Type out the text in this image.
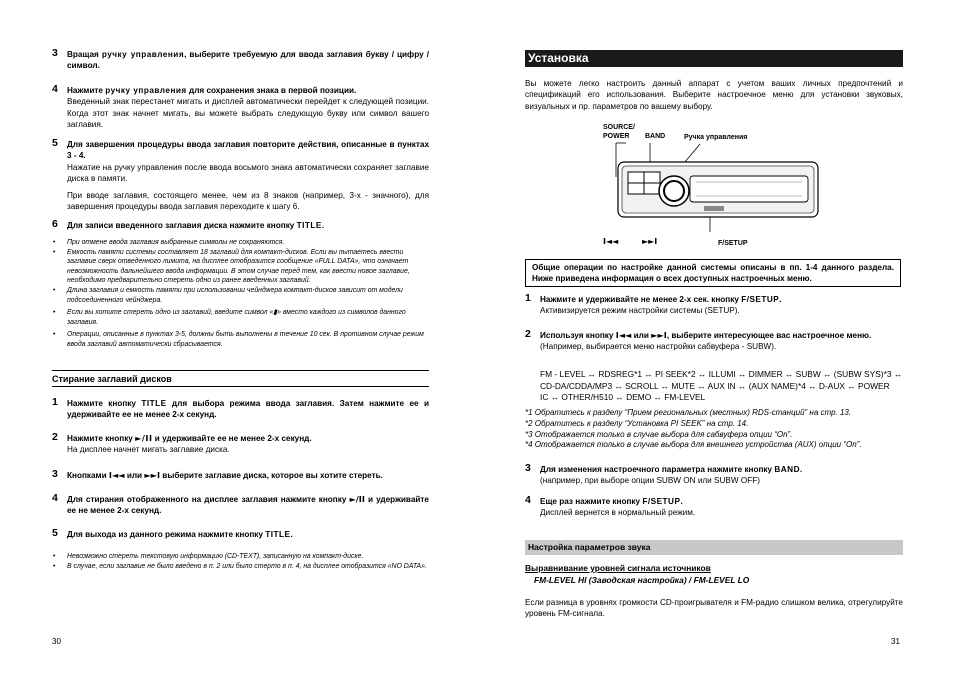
3 Вращая ручку управления, выберите требуемую для ввода заглавия букву / цифру / символ.
4 Нажмите ручку управления для сохранения знака в первой позиции.
Введенный знак перестанет мигать и дисплей автоматически перейдет к следующей позиции. Когда этот знак начнет мигать, вы можете выбрать следующую букву или символ вашего заглавия.
5 Для завершения процедуры ввода заглавия повторите действия, описанные в пунктах 3 - 4.
Нажатие на ручку управления после ввода восьмого знака автоматически сохраняет заглавие диска в памяти.
При вводе заглавия, состоящего менее, чем из 8 знаков (например, 3-х - значного), для завершения процедуры ввода заглавия переходите к шагу 6.
6 Для записи введенного заглавия диска нажмите кнопку TITLE.
• При отмене ввода заглавия выбранные символы не сохраняются.
• Емкость памяти системы составляет 18 заглавий для компакт-дисков. Если вы пытаетесь ввести заглавие сверх отведенного лимита, на дисплее отобразится сообщение «FULL DATA», что означает невозможность дальнейшего ввода информации. В этом случае перед тем, как ввести новое заглавие, необходимо предварительно стереть одно из ранее введенных заглавий.
• Длина заглавия и емкость памяти при использовании чейнджера компакт-дисков зависит от модели подсоединенного чейнджера.
• Если вы хотите стереть одно из заглавий, введите символ «▮» вместо каждого из символов данного заглавия.
• Операции, описанные в пунктах 3-5, должны быть выполнены в течение 10 сек. В противном случае режим ввода заглавий автоматически сбрасывается.
Стирание заглавий дисков
1 Нажмите кнопку TITLE для выбора режима ввода заглавия. Затем нажмите ее и удерживайте ее не менее 2-х секунд.
2 Нажмите кнопку ►/II и удерживайте ее не менее 2-х секунд.
На дисплее начнет мигать заглавие диска.
3 Кнопками I◄◄ или ►►I выберите заглавие диска, которое вы хотите стереть.
4 Для стирания отображенного на дисплее заглавия нажмите кнопку ►/II и удерживайте ее не менее 2-х секунд.
5 Для выхода из данного режима нажмите кнопку TITLE.
• Невозможно стереть текстовую информацию (CD-TEXT), записанную на компакт-диске.
• В случае, если заглавие не было введено в п. 2 или было стерто в п. 4, на дисплее отобразится «NO DATA».
30
Установка
Вы можете легко настроить данный аппарат с учетом ваших личных предпочтений и спецификаций его использования. Выберите настроечное меню для установки звуковых, визуальных и пр. параметров по вашему выбору.
SOURCE/
POWER BAND	Ручка управления
I◄◄	►►I	F/SETUP
Общие операции по настройке данной системы описаны в пп. 1-4 данного раздела. Ниже приведена информация о всех доступных настроечных меню.
1 Нажмите и удерживайте не менее 2-х сек. кнопку F/SETUP.
Активизируется режим настройки системы (SETUP).
2 Используя кнопку I◄◄ или ►►I, выберите интересующее вас настроечное меню.
(Например, выбирается меню настройки сабвуфера - SUBW).
FM - LEVEL ↔ RDSREG*1 ↔ PI SEEK*2 ↔ ILLUMI ↔ DIMMER ↔ SUBW ↔ (SUBW SYS)*3 ↔
CD-DA/CDDA/MP3 ↔ SCROLL ↔ MUTE ↔ AUX IN ↔ (AUX NAME)*4 ↔ D-AUX ↔ POWER
IC ↔ OTHER/H510 ↔ DEMO ↔ FM-LEVEL
*1 Обратитесь к разделу “Прием региональных (местных) RDS-станций” на стр. 13.
*2 Обратитесь к разделу “Установка PI SEEK” на стр. 14.
*3 Отображается только в случае выбора для сабвуфера опции “On”.
*4 Отображается только в случае выбора для внешнего устройства (AUX) опции “On”.
3 Для изменения настроечного параметра нажмите кнопку BAND.
(например, при выборе опции SUBW ON или SUBW OFF)
4 Еще раз нажмите кнопку F/SETUP.
Дисплей вернется в нормальный режим.
Настройка параметров звука
Выравнивание уровней сигнала источников
FM-LEVEL HI (Заводская настройка) / FM-LEVEL LO
Если разница в уровнях громкости CD-проигрывателя и FM-радио слишком велика, отрегулируйте уровень FM-сигнала.
31
